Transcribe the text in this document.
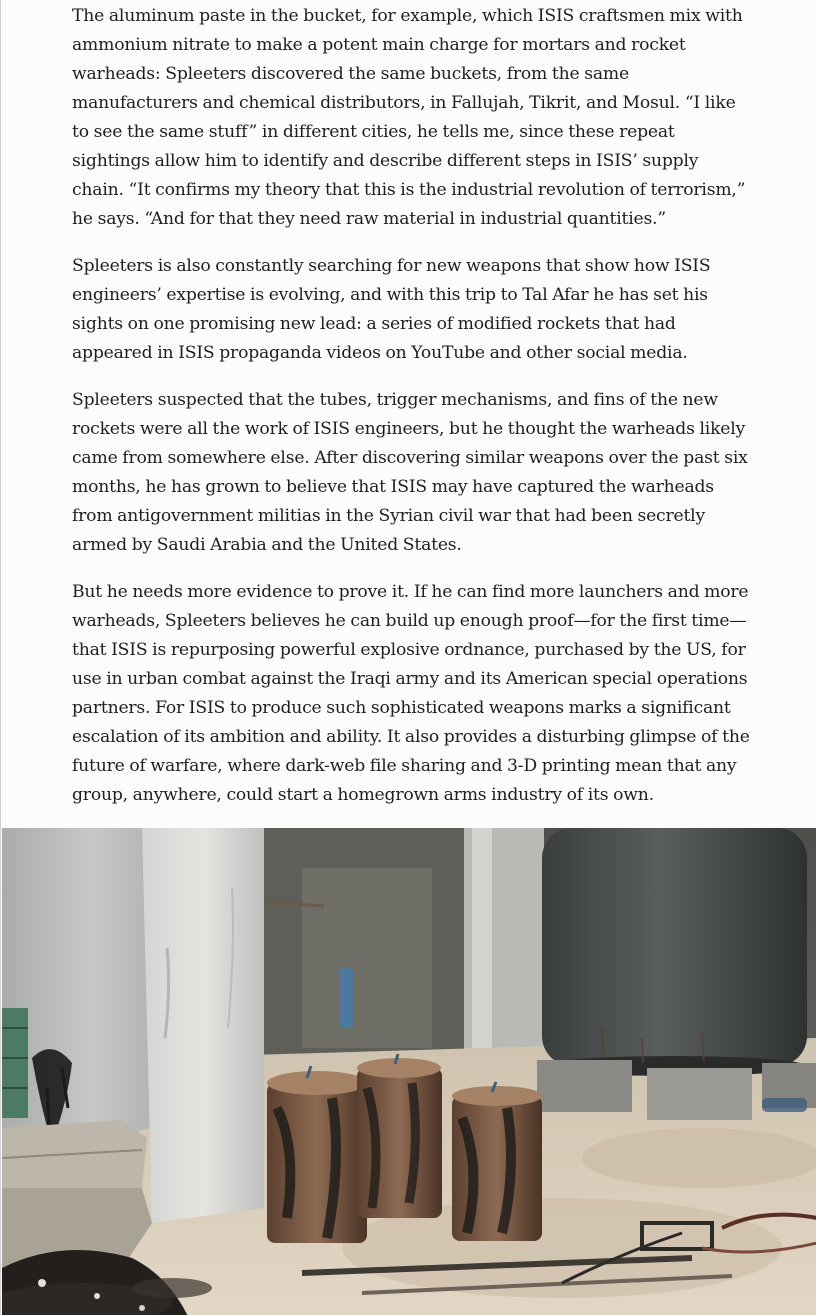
The aluminum paste in the bucket, for example, which ISIS craftsmen mix with ammonium nitrate to make a potent main charge for mortars and rocket warheads: Spleeters discovered the same buckets, from the same manufacturers and chemical distributors, in Fallujah, Tikrit, and Mosul. “I like to see the same stuff” in different cities, he tells me, since these repeat sightings allow him to identify and describe different steps in ISIS’ supply chain. “It confirms my theory that this is the industrial revolution of terrorism,” he says. “And for that they need raw material in industrial quantities.”

Spleeters is also constantly searching for new weapons that show how ISIS engineers’ expertise is evolving, and with this trip to Tal Afar he has set his sights on one promising new lead: a series of modified rockets that had appeared in ISIS propaganda videos on YouTube and other social media.

Spleeters suspected that the tubes, trigger mechanisms, and fins of the new rockets were all the work of ISIS engineers, but he thought the warheads likely came from somewhere else. After discovering similar weapons over the past six months, he has grown to believe that ISIS may have captured the warheads from antigovernment militias in the Syrian civil war that had been secretly armed by Saudi Arabia and the United States.

But he needs more evidence to prove it. If he can find more launchers and more warheads, Spleeters believes he can build up enough proof—for the first time—that ISIS is repurposing powerful explosive ordnance, purchased by the US, for use in urban combat against the Iraqi army and its American special operations partners. For ISIS to produce such sophisticated weapons marks a significant escalation of its ambition and ability. It also provides a disturbing glimpse of the future of warfare, where dark-web file sharing and 3-D printing mean that any group, anywhere, could start a homegrown arms industry of its own.
